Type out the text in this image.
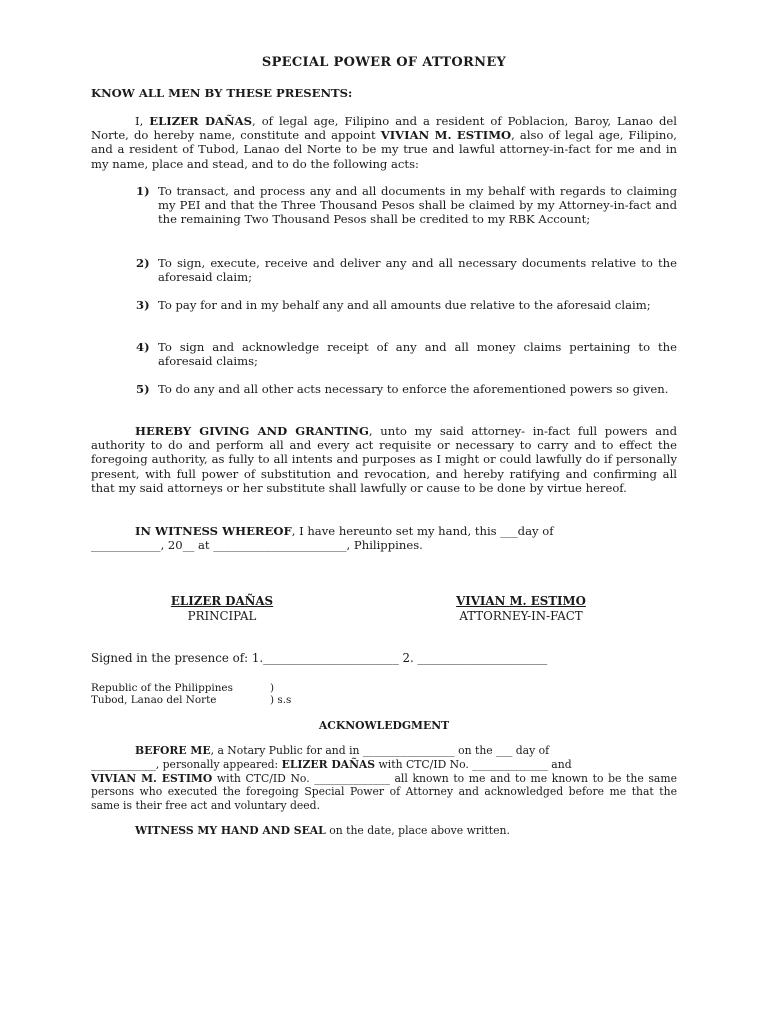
SPECIAL POWER OF ATTORNEY
KNOW ALL MEN BY THESE PRESENTS:
I, ELIZER DAÑAS, of legal age, Filipino and a resident of Poblacion, Baroy, Lanao del Norte, do hereby name, constitute and appoint VIVIAN M. ESTIMO, also of legal age, Filipino, and a resident of Tubod, Lanao del Norte to be my true and lawful attorney-in-fact for me and in my name, place and stead, and to do the following acts:
1) To transact, and process any and all documents in my behalf with regards to claiming my PEI and that the Three Thousand Pesos shall be claimed by my Attorney-in-fact and the remaining Two Thousand Pesos shall be credited to my RBK Account;
2) To sign, execute, receive and deliver any and all necessary documents relative to the aforesaid claim;
3) To pay for and in my behalf any and all amounts due relative to the aforesaid claim;
4) To sign and acknowledge receipt of any and all money claims pertaining to the aforesaid claims;
5) To do any and all other acts necessary to enforce the aforementioned powers so given.
HEREBY GIVING AND GRANTING, unto my said attorney- in-fact full powers and authority to do and perform all and every act requisite or necessary to carry and to effect the foregoing authority, as fully to all intents and purposes as I might or could lawfully do if personally present, with full power of substitution and revocation, and hereby ratifying and confirming all that my said attorneys or her substitute shall lawfully or cause to be done by virtue hereof.
IN WITNESS WHEREOF, I have hereunto set my hand, this ___day of
____________, 20__ at _______________________, Philippines.
ELIZER DAÑAS
PRINCIPAL
VIVIAN M. ESTIMO
ATTORNEY-IN-FACT
Signed in the presence of: 1._______________________ 2. ______________________
Republic of the Philippines	)
Tubod, Lanao del Norte	) s.s
ACKNOWLEDGMENT
BEFORE ME, a Notary Public for and in _________________ on the ___ day of
____________, personally appeared: ELIZER DAÑAS with CTC/ID No. ______________ and
VIVIAN M. ESTIMO with CTC/ID No. ______________ all known to me and to me known to be the same persons who executed the foregoing Special Power of Attorney and acknowledged before me that the same is their free act and voluntary deed.
WITNESS MY HAND AND SEAL on the date, place above written.
